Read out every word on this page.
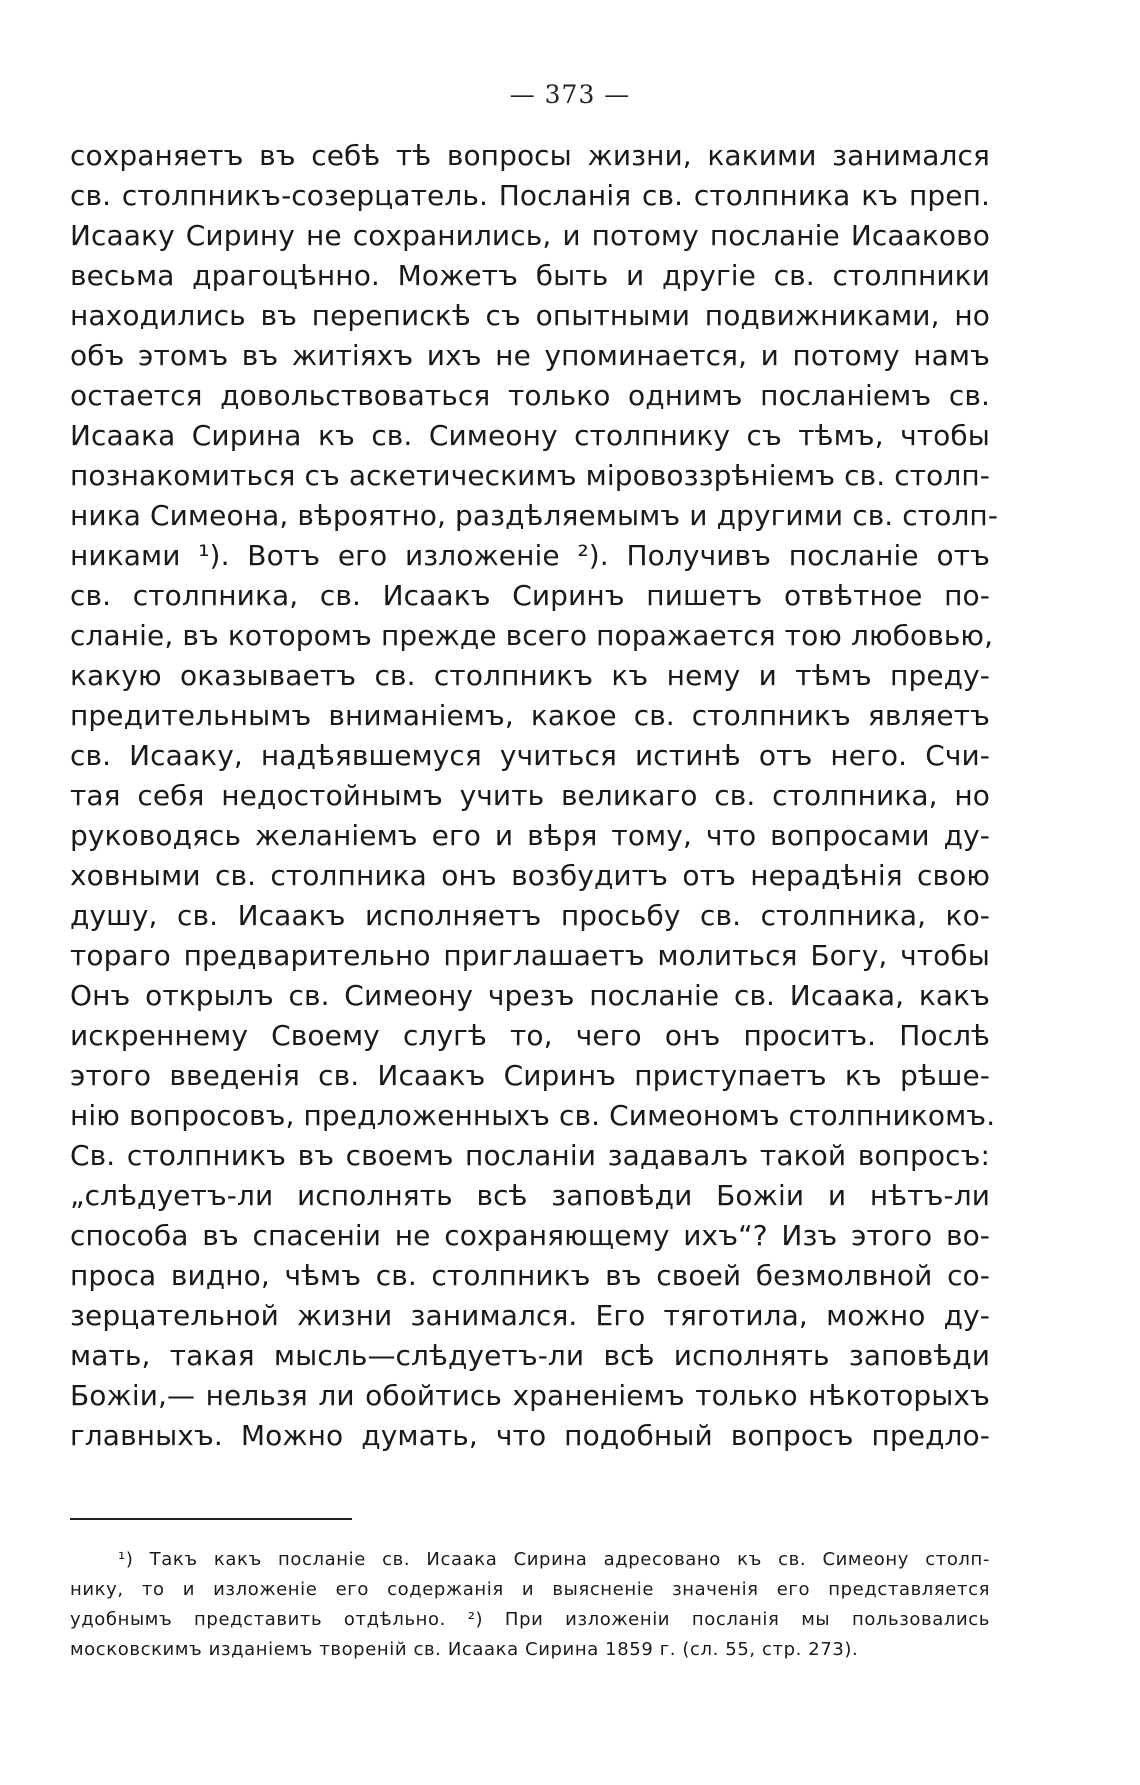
— 373 —
сохраняетъ въ себѣ тѣ вопросы жизни, какими занимался
св. столпникъ-созерцатель. Посланія св. столпника къ преп.
Исааку Сирину не сохранились, и потому посланіе Исааково
весьма драгоцѣнно. Можетъ быть и другіе св. столпники
находились въ перепискѣ съ опытными подвижниками, но
объ этомъ въ житіяхъ ихъ не упоминается, и потому намъ
остается довольствоваться только однимъ посланіемъ св.
Исаака Сирина къ св. Симеону столпнику съ тѣмъ, чтобы
познакомиться съ аскетическимъ міровоззрѣніемъ св. столп-
ника Симеона, вѣроятно, раздѣляемымъ и другими св. столп-
никами ¹). Вотъ его изложеніе ²). Получивъ посланіе отъ
св. столпника, св. Исаакъ Сиринъ пишетъ отвѣтное по-
сланіе, въ которомъ прежде всего поражается тою любовью,
какую оказываетъ св. столпникъ къ нему и тѣмъ преду-
предительнымъ вниманіемъ, какое св. столпникъ являетъ
св. Исааку, надѣявшемуся учиться истинѣ отъ него. Счи-
тая себя недостойнымъ учить великаго св. столпника, но
руководясь желаніемъ его и вѣря тому, что вопросами ду-
ховными св. столпника онъ возбудитъ отъ нерадѣнія свою
душу, св. Исаакъ исполняетъ просьбу св. столпника, ко-
тораго предварительно приглашаетъ молиться Богу, чтобы
Онъ открылъ св. Симеону чрезъ посланіе св. Исаака, какъ
искреннему Своему слугѣ то, чего онъ проситъ. Послѣ
этого введенія св. Исаакъ Сиринъ приступаетъ къ рѣше-
нію вопросовъ, предложенныхъ св. Симеономъ столпникомъ.
Св. столпникъ въ своемъ посланіи задавалъ такой вопросъ:
„слѣдуетъ-ли исполнять всѣ заповѣди Божіи и нѣтъ-ли
способа въ спасеніи не сохраняющему ихъ“? Изъ этого во-
проса видно, чѣмъ св. столпникъ въ своей безмолвной со-
зерцательной жизни занимался. Его тяготила, можно ду-
мать, такая мысль—слѣдуетъ-ли всѣ исполнять заповѣди
Божіи,— нельзя ли обойтись храненіемъ только нѣкоторыхъ
главныхъ. Можно думать, что подобный вопросъ предло-
¹) Такъ какъ посланіе св. Исаака Сирина адресовано къ св. Симеону столп-
нику, то и изложеніе его содержанія и выясненіе значенія его представляется
удобнымъ представить отдѣльно. ²) При изложеніи посланія мы пользовались
московскимъ изданіемъ твореній св. Исаака Сирина 1859 г. (сл. 55, стр. 273).
